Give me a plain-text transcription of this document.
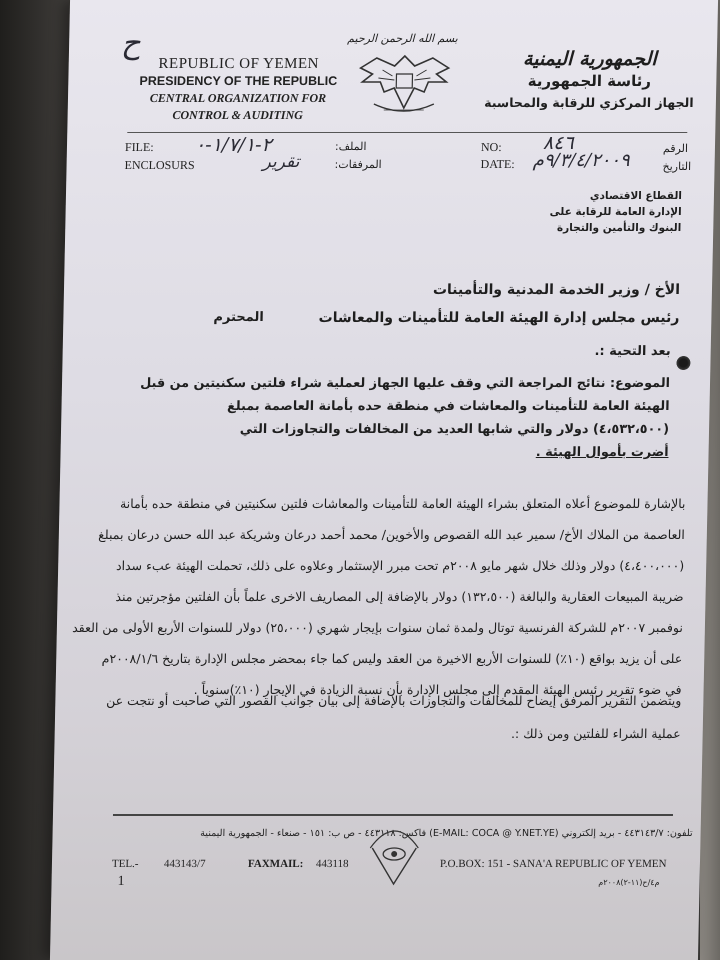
ح	بسم الله الرحمن الرحيم
REPUBLIC OF YEMEN
PRESIDENCY OF THE REPUBLIC
CENTRAL ORGANIZATION FOR
CONTROL & AUDITING
الجمهورية اليمنية
رئاسة الجمهورية
الجهاز المركزي للرقابة والمحاسبة
FILE: ٢-١/٧/١-٠	الملف:
ENCLOSURS	تقرير	المرفقات:
NO: ٨٤٦	الرقم
DATE: ٩/٣/٤/٢٠٠٩م	التاريخ
القطاع الاقتصادي
الإدارة العامة للرقابة على
البنوك والتأمين والتجارة
الأخ / وزير الخدمة المدنية والتأمينات
رئيس مجلس إدارة الهيئة العامة للتأمينات والمعاشات
المحترم
بعد التحية :.
الموضوع: نتائج المراجعة التي وقف عليها الجهاز لعملية شراء فلتين سكنيتين من قبل
الهيئة العامة للتأمينات والمعاشات في منطقة حده بأمانة العاصمة بمبلغ
(٤،٥٣٢،٥٠٠) دولار والتي شابها العديد من المخالفات والتجاوزات التي
أضرت بأموال الهيئة .
بالإشارة للموضوع أعلاه المتعلق بشراء الهيئة العامة للتأمينات والمعاشات فلتين سكنيتين في منطقة حده بأمانة
العاصمة من الملاك الأخ/ سمير عبد الله القصوص والأخوين/ محمد أحمد درعان وشريكة عبد الله حسن درعان بمبلغ
(٤،٤٠٠،٠٠٠) دولار وذلك خلال شهر مايو ٢٠٠٨م تحت مبرر الإستثمار وعلاوه على ذلك، تحملت الهيئة عبء سداد
ضريبة المبيعات العقارية والبالغة (١٣٢،٥٠٠) دولار بالإضافة إلى المصاريف الاخرى علماً بأن الفلتين مؤجرتين منذ
نوفمبر ٢٠٠٧م للشركة الفرنسية توتال ولمدة ثمان سنوات بإيجار شهري (٢٥،٠٠٠) دولار للسنوات الأربع الأولى من العقد
على أن يزيد بواقع (١٠٪) للسنوات الأربع الاخيرة من العقد وليس كما جاء بمحضر مجلس الإدارة بتاريخ ٢٠٠٨/١/٦م
في ضوء تقرير رئيس الهيئة المقدم إلى مجلس الإدارة بأن نسبة الزيادة في الإيجار (١٠٪)سنوياً .
ويتضمن التقرير المرفق إيضاح للمخالفات والتجاوزات بالإضافة إلى بيان جوانب القصور التي صاحبت أو نتجت عن
عملية الشراء للفلتين ومن ذلك :.
تلفون: ٤٤٣١٤٣/٧ - بريد إلكتروني (E-MAIL: COCA @ Y.NET.YE) فاكس: ٤٤٣١١٨ - ص ب: ١٥١ - صنعاء - الجمهورية اليمنية
TEL.- 443143/7	FAXMAIL: 443118	P.O.BOX: 151 - SANA'A REPUBLIC OF YEMEN
1	م٤/ح(١١-٢)٢٠٠٨م
